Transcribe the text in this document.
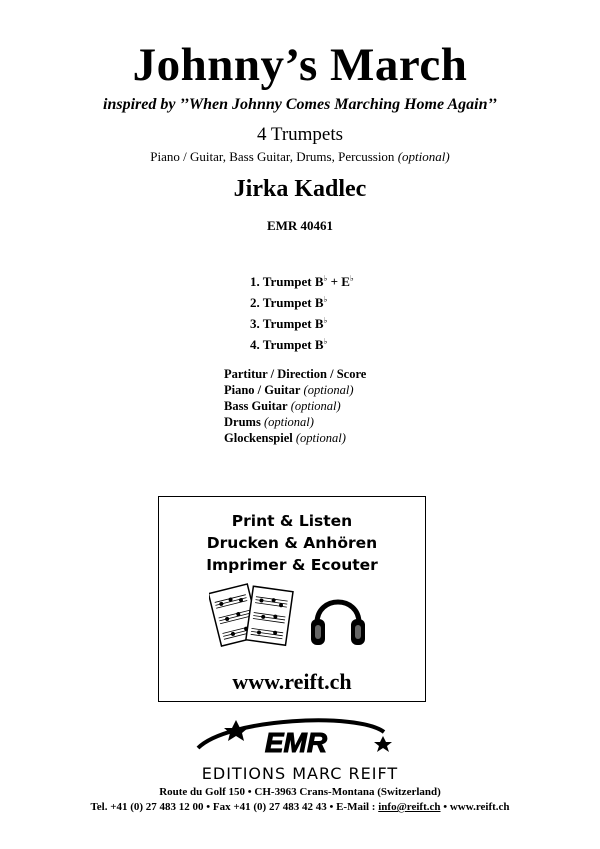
Johnny’s March
inspired by ’’When Johnny Comes Marching Home Again’’
4 Trumpets
Piano / Guitar, Bass Guitar, Drums, Percussion (optional)
Jirka Kadlec
EMR 40461
1. Trumpet B♭ + E♭
2. Trumpet B♭
3. Trumpet B♭
4. Trumpet B♭
Partitur / Direction / Score
Piano / Guitar (optional)
Bass Guitar (optional)
Drums (optional)
Glockenspiel (optional)
Print & Listen
Drucken & Anhören
Imprimer & Ecouter
www.reift.ch
EMR
EDITIONS MARC REIFT
Route du Golf 150 • CH-3963 Crans-Montana (Switzerland)
Tel. +41 (0) 27 483 12 00 • Fax +41 (0) 27 483 42 43 • E-Mail : info@reift.ch • www.reift.ch
